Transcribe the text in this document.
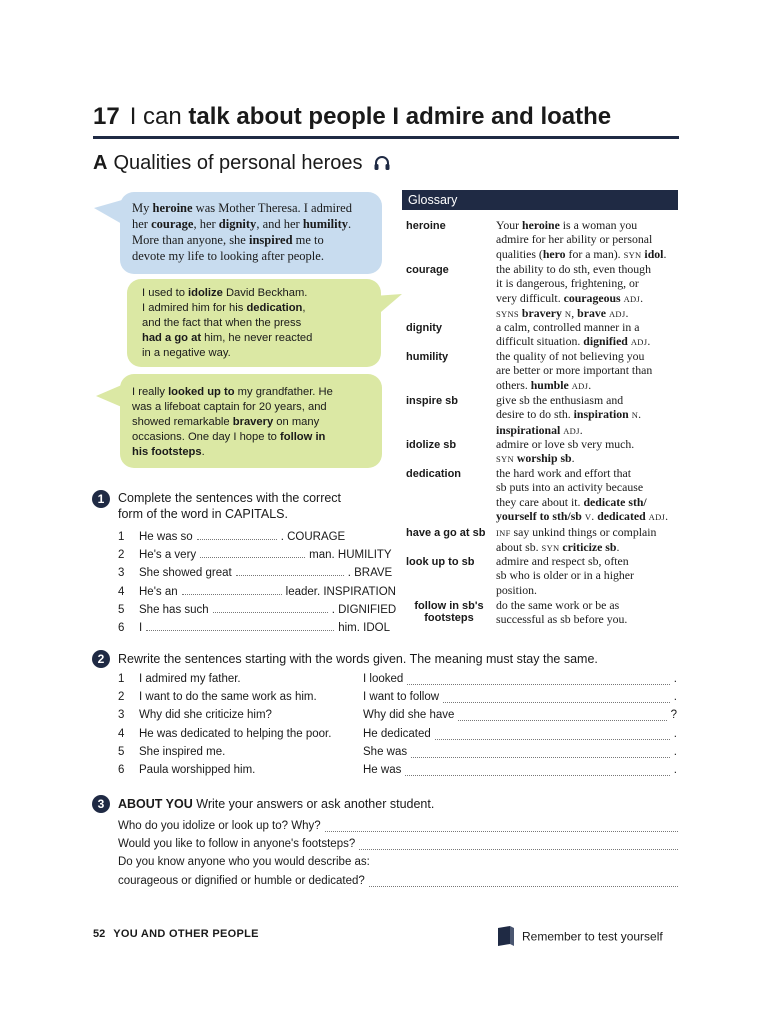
17 I can talk about people I admire and loathe
A Qualities of personal heroes
My heroine was Mother Theresa. I admired
her courage, her dignity, and her humility.
More than anyone, she inspired me to
devote my life to looking after people.
I used to idolize David Beckham.
I admired him for his dedication,
and the fact that when the press
had a go at him, he never reacted
in a negative way.
I really looked up to my grandfather. He
was a lifeboat captain for 20 years, and
showed remarkable bravery on many
occasions. One day I hope to follow in
his footsteps.
Glossary
heroine	Your heroine is a woman you
admire for her ability or personal
qualities (hero for a man). SYN idol.
courage	the ability to do sth, even though
it is dangerous, frightening, or
very difficult. courageous ADJ.
SYNS bravery N, brave ADJ.
dignity	a calm, controlled manner in a
difficult situation. dignified ADJ.
humility	the quality of not believing you
are better or more important than
others. humble ADJ.
inspire sb	give sb the enthusiasm and
desire to do sth. inspiration N.
inspirational ADJ.
idolize sb	admire or love sb very much.
SYN worship sb.
dedication	the hard work and effort that
sb puts into an activity because
they care about it. dedicate sth/
yourself to sth/sb V. dedicated ADJ.
have a go at sb INF say unkind things or complain
about sb. SYN criticize sb.
look up to sb admire and respect sb, often
sb who is older or in a higher
position.
follow in sb's footsteps
do the same work or be as
successful as sb before you.
1	Complete the sentences with the correct
form of the word in CAPITALS.
1 He was so	. COURAGE
2 He's a very	man. HUMILITY
3 She showed great	. BRAVE
4 He's an	leader. INSPIRATION
5 She has such	. DIGNIFIED
6 I	him. IDOL
2	Rewrite the sentences starting with the words given. The meaning must stay the same.
1 I admired my father.	I looked	.
2 I want to do the same work as him.	I want to follow	.
3 Why did she criticize him?	Why did she have	?
4 He was dedicated to helping the poor.	He dedicated	.
5 She inspired me.	She was	.
6 Paula worshipped him.	He was	.
3	ABOUT YOU Write your answers or ask another student.
Who do you idolize or look up to? Why?
Would you like to follow in anyone's footsteps?
Do you know anyone who you would describe as:
courageous or dignified or humble or dedicated?
52 YOU AND OTHER PEOPLE	Remember to test yourself
